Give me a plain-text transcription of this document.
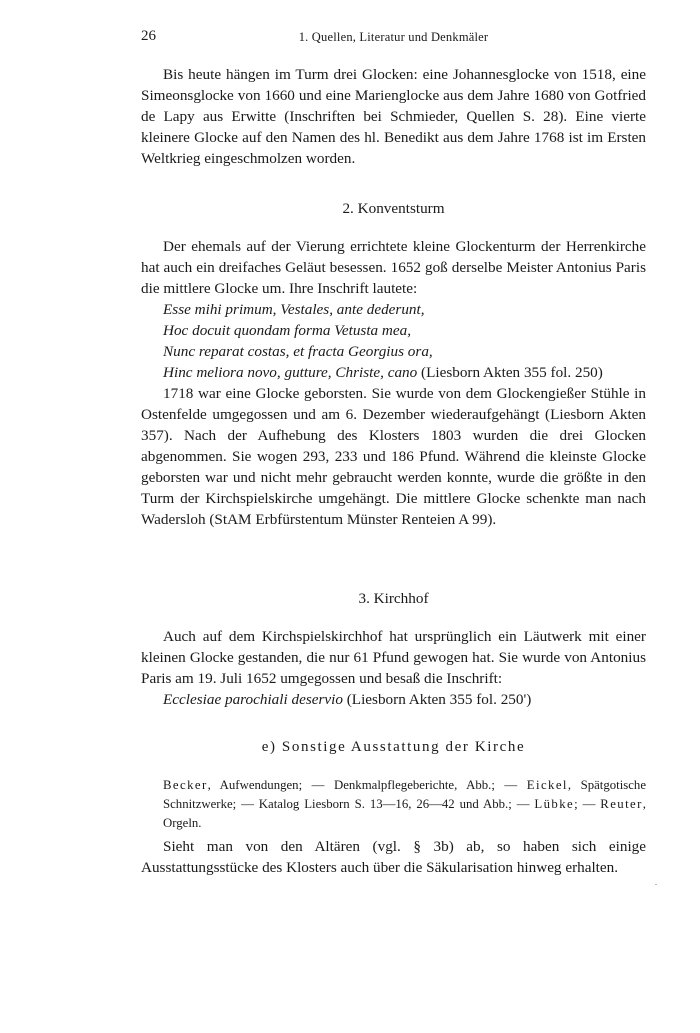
26	1. Quellen, Literatur und Denkmäler

Bis heute hängen im Turm drei Glocken: eine Johannesglocke von 1518, eine Simeonsglocke von 1660 und eine Marienglocke aus dem Jahre 1680 von Gotfried de Lapy aus Erwitte (Inschriften bei Schmieder, Quellen S. 28). Eine vierte kleinere Glocke auf den Namen des hl. Benedikt aus dem Jahre 1768 ist im Ersten Weltkrieg eingeschmolzen worden.

2. Konventsturm

Der ehemals auf der Vierung errichtete kleine Glockenturm der Herrenkirche hat auch ein dreifaches Geläut besessen. 1652 goß derselbe Meister Antonius Paris die mittlere Glocke um. Ihre Inschrift lautete:

Esse mihi primum, Vestales, ante dederunt,
Hoc docuit quondam forma Vetusta mea,
Nunc reparat costas, et fracta Georgius ora,
Hinc meliora novo, gutture, Christe, cano (Liesborn Akten 355 fol. 250)

1718 war eine Glocke geborsten. Sie wurde von dem Glockengießer Stühle in Ostenfelde umgegossen und am 6. Dezember wiederaufgehängt (Liesborn Akten 357). Nach der Aufhebung des Klosters 1803 wurden die drei Glocken abgenommen. Sie wogen 293, 233 und 186 Pfund. Während die kleinste Glocke geborsten war und nicht mehr gebraucht werden konnte, wurde die größte in den Turm der Kirchspielskirche umgehängt. Die mittlere Glocke schenkte man nach Wadersloh (StAM Erbfürstentum Münster Renteien A 99).

3. Kirchhof

Auch auf dem Kirchspielskirchhof hat ursprünglich ein Läutwerk mit einer kleinen Glocke gestanden, die nur 61 Pfund gewogen hat. Sie wurde von Antonius Paris am 19. Juli 1652 umgegossen und besaß die Inschrift:

Ecclesiae parochiali deservio (Liesborn Akten 355 fol. 250')

e) Sonstige Ausstattung der Kirche

Becker, Aufwendungen; — Denkmalpflegeberichte, Abb.; — Eickel, Spätgotische Schnitzwerke; — Katalog Liesborn S. 13—16, 26—42 und Abb.; — Lübke; — Reuter, Orgeln.

Sieht man von den Altären (vgl. § 3b) ab, so haben sich einige Ausstattungsstücke des Klosters auch über die Säkularisation hinweg erhalten.
